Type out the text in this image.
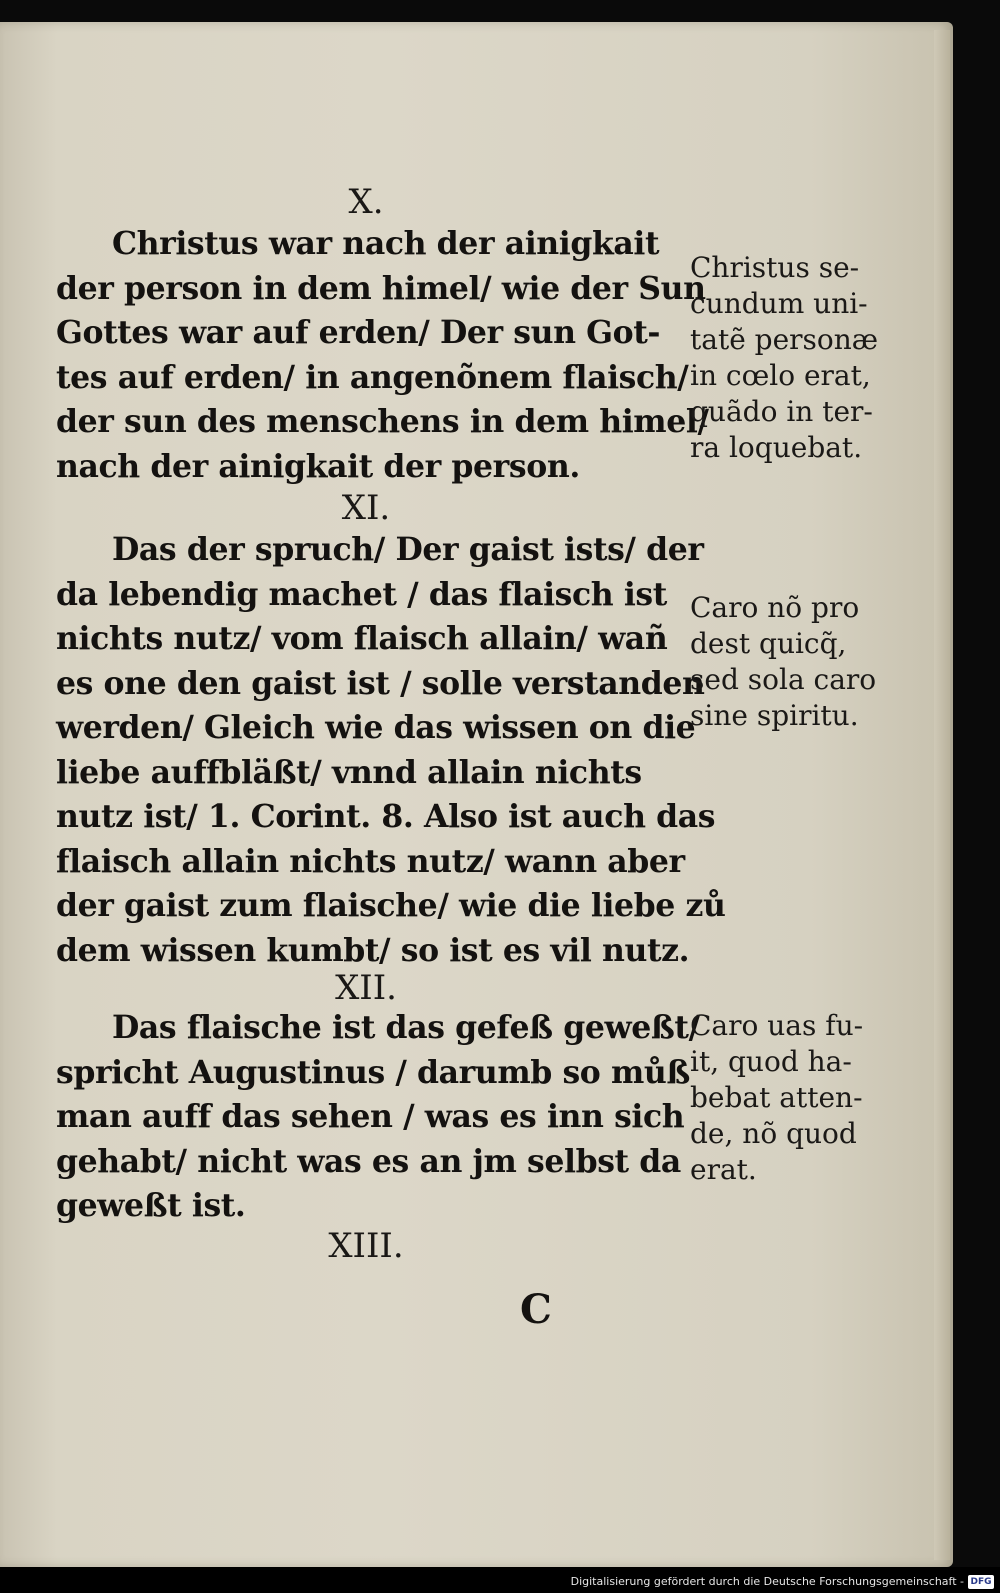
X.
Christus war nach der ainigkait
der person in dem himel/ wie der Sun
Gottes war auf erden/ Der sun Got-
tes auf erden/ in angenõnem flaisch/
der sun des menschens in dem himel/
nach der ainigkait der person.
XI.
Das der spruch/ Der gaist ists/ der
da lebendig machet / das flaisch ist
nichts nutz/ vom flaisch allain/ wañ
es one den gaist ist / solle verstanden
werden/ Gleich wie das wissen on die
liebe auffbläßt/ vnnd allain nichts
nutz ist/ 1. Corint. 8. Also ist auch das
flaisch allain nichts nutz/ wann aber
der gaist zum flaische/ wie die liebe zů
dem wissen kumbt/ so ist es vil nutz.
XII.
Das flaische ist das gefeß geweßt/
spricht Augustinus / darumb so můß
man auff das sehen / was es inn sich
gehabt/ nicht was es an jm selbst da
geweßt ist.
XIII.
Christus se-
cundum uni-
tatẽ personæ
in cœlo erat,
quãdo in ter-
ra loquebat.
Caro nõ pro
dest quicq̃,
sed sola caro
sine spiritu.
Caro uas fu-
it, quod ha-
bebat atten-
de, nõ quod
erat.
C
Digitalisierung gefördert durch die Deutsche Forschungsgemeinschaft - DFG
